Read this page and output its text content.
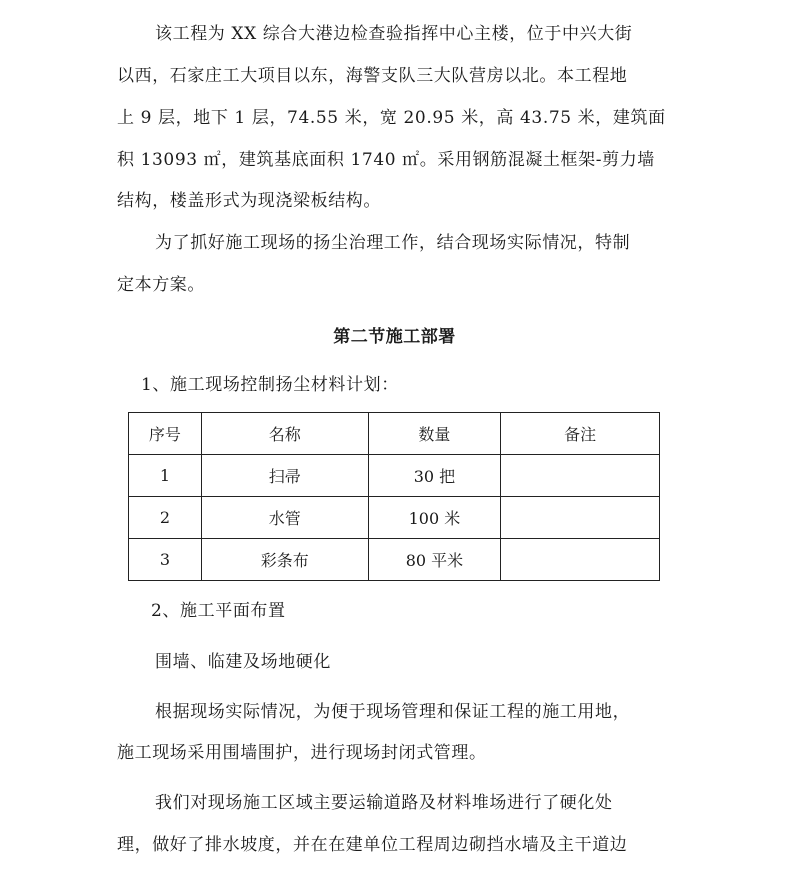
该工程为 XX 综合大港边检查验指挥中心主楼，位于中兴大街
以西，石家庄工大项目以东，海警支队三大队营房以北。本工程地
上 9 层，地下 1 层，74.55 米，宽 20.95 米，高 43.75 米，建筑面
积 13093 ㎡，建筑基底面积 1740 ㎡。采用钢筋混凝土框架-剪力墙
结构，楼盖形式为现浇梁板结构。
为了抓好施工现场的扬尘治理工作，结合现场实际情况，特制
定本方案。
第二节施工部署
1、施工现场控制扬尘材料计划：
序号	名称	数量	备注
1	扫帚	30 把	
2	水管	100 米	
3	彩条布	80 平米	
2、施工平面布置
围墙、临建及场地硬化
根据现场实际情况，为便于现场管理和保证工程的施工用地，
施工现场采用围墙围护，进行现场封闭式管理。
我们对现场施工区域主要运输道路及材料堆场进行了硬化处
理，做好了排水坡度，并在在建单位工程周边砌挡水墙及主干道边
